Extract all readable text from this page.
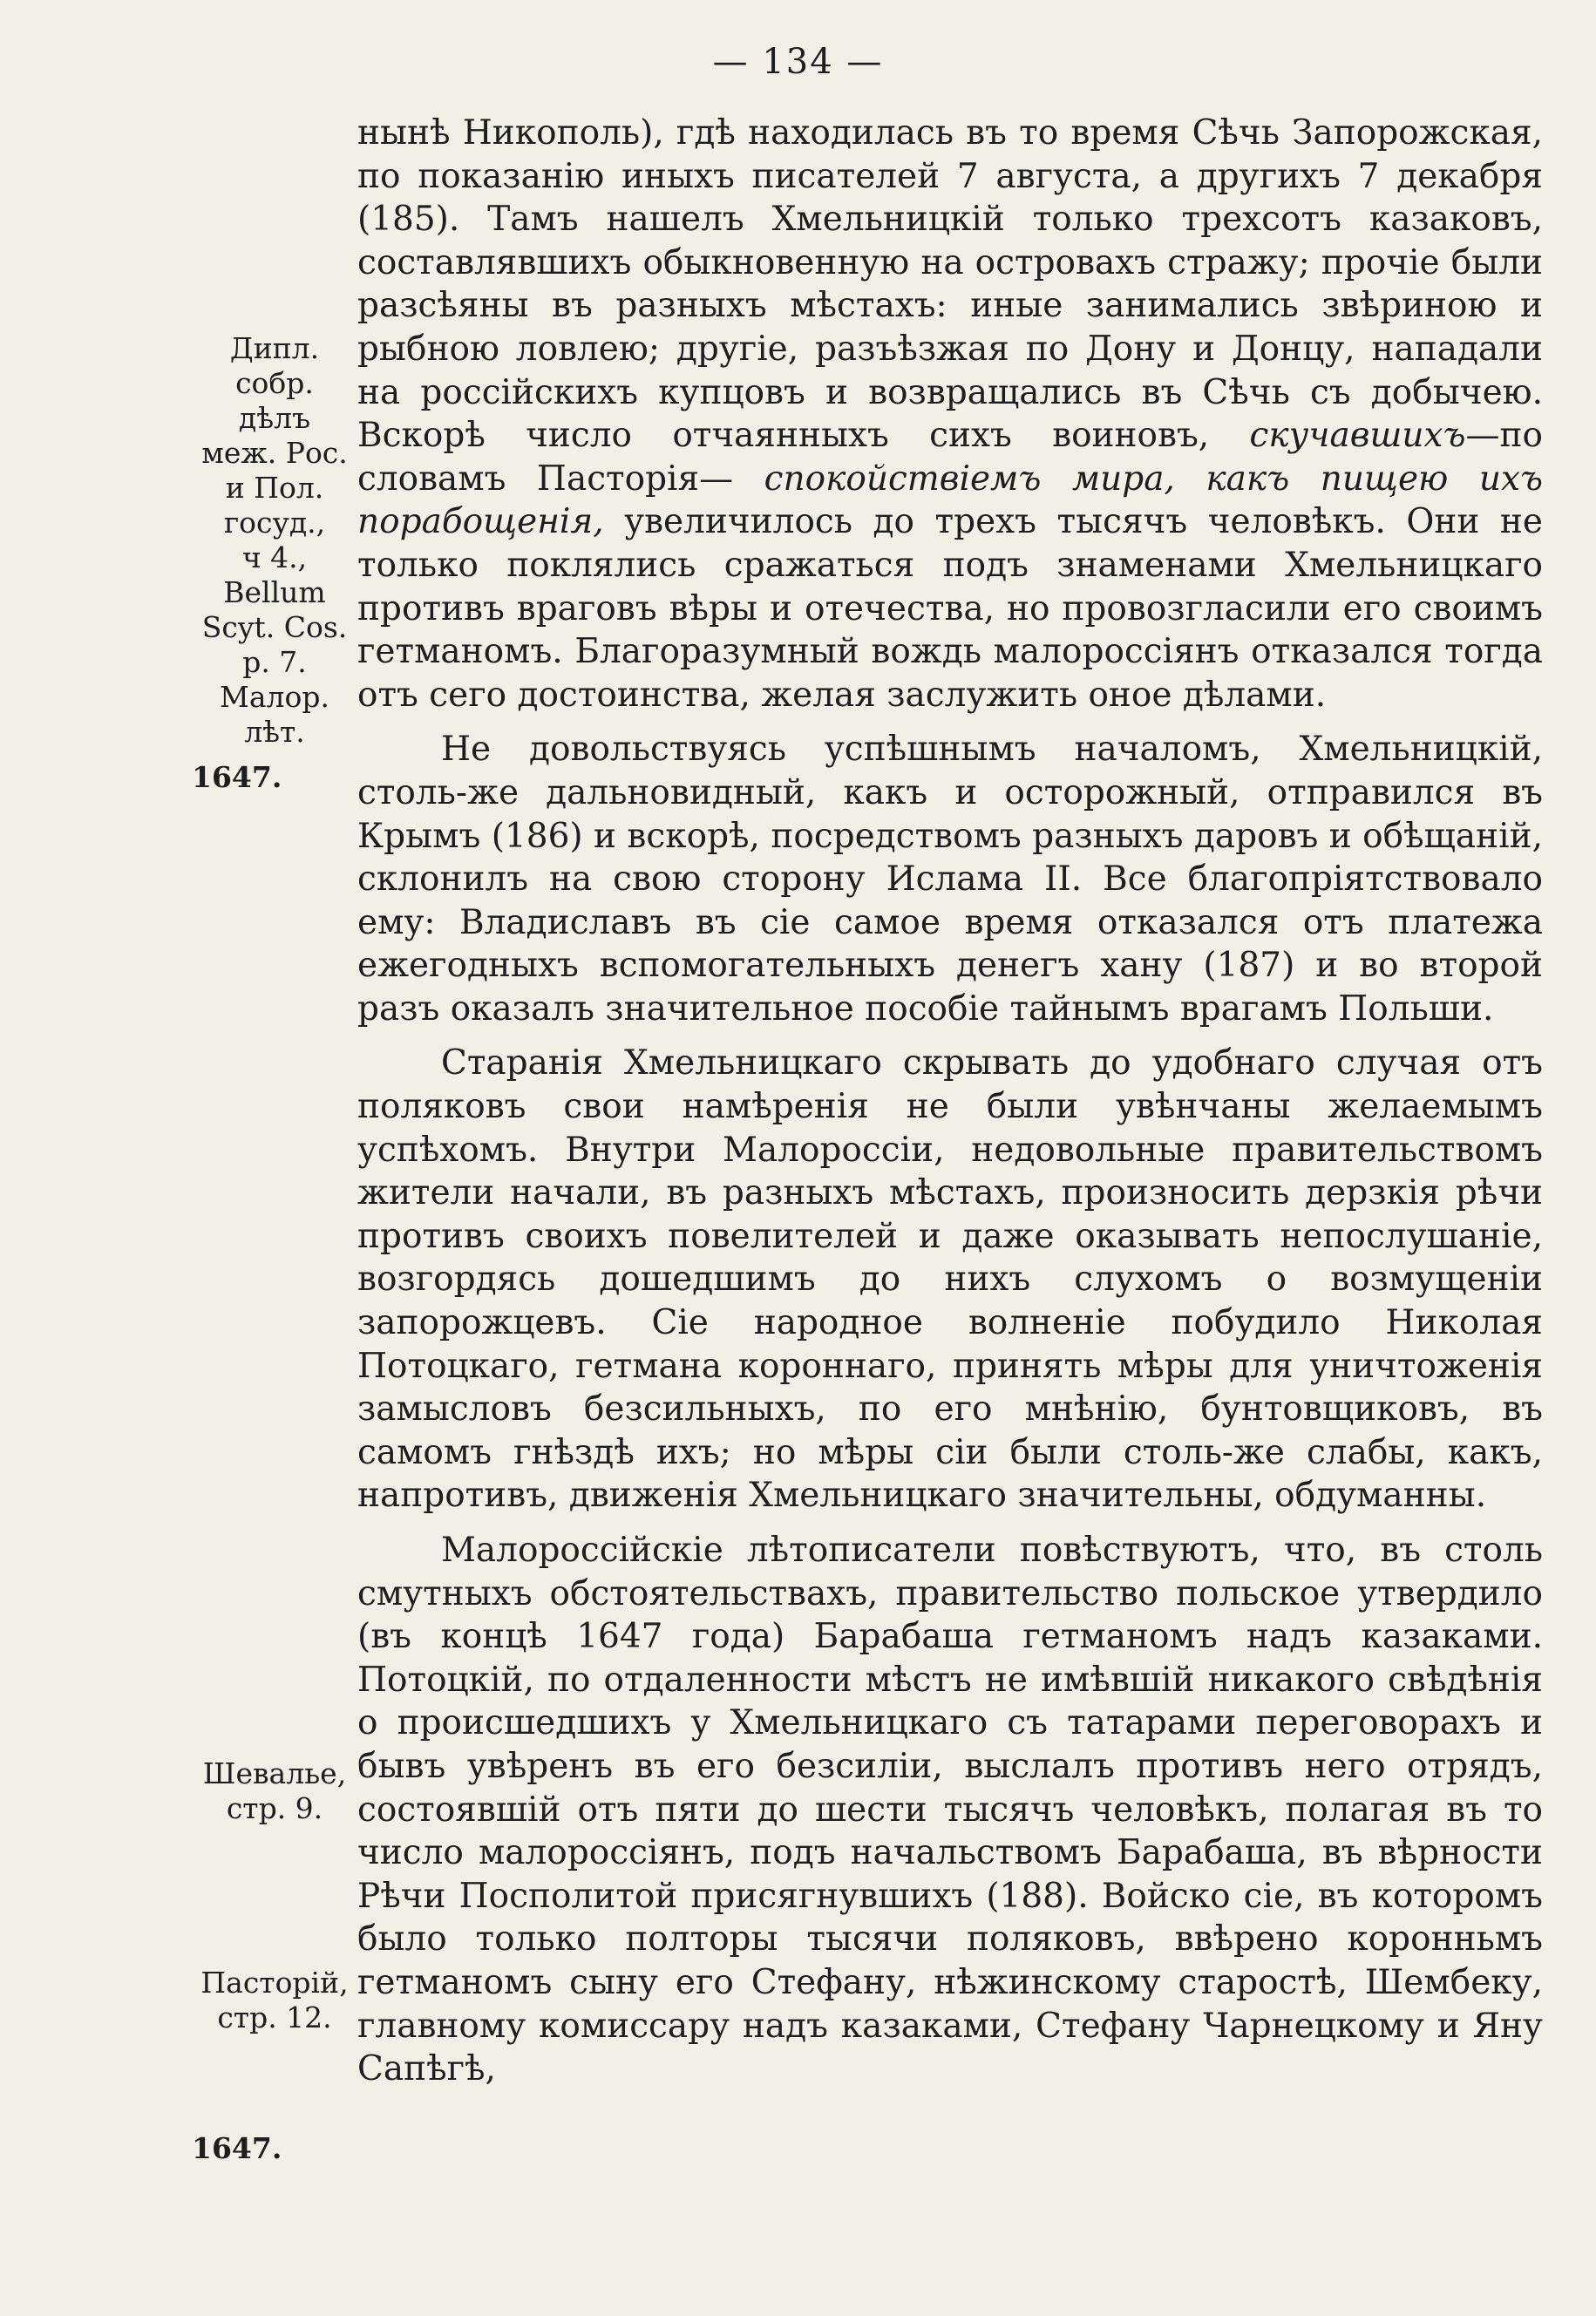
— 134 —
Дипл.
собр.
дѣлъ
меж. Рос.
и Пол.
госуд.,
ч 4.,
Bellum
Scyt. Cos.
p. 7.
Малор.
лѣт.
1647.
Шевалье,
стр. 9.
Пасторій,
стр. 12.
1647.

нынѣ Никополь), гдѣ находилась въ то время Сѣчь Запорожская, по показанію иныхъ писателей 7 августа, а другихъ 7 декабря (185). Тамъ нашелъ Хмельницкій только трехсотъ казаковъ, составлявшихъ обыкновенную на островахъ стражу; прочіе были разсѣяны въ разныхъ мѣстахъ: иные занимались звѣриною и рыбною ловлею; другіе, разъѣзжая по Дону и Донцу, нападали на россійскихъ купцовъ и возвращались въ Сѣчь съ добычею. Вскорѣ число отчаянныхъ сихъ воиновъ, скучавшихъ—по словамъ Пасторія— спокойствіемъ мира, какъ пищею ихъ порабощенія, увеличилось до трехъ тысячъ человѣкъ. Они не только поклялись сражаться подъ знаменами Хмельницкаго противъ враговъ вѣры и отечества, но провозгласили его своимъ гетманомъ. Благоразумный вождь малороссіянъ отказался тогда отъ сего достоинства, желая заслужить оное дѣлами.

Не довольствуясь успѣшнымъ началомъ, Хмельницкій, столь-же дальновидный, какъ и осторожный, отправился въ Крымъ (186) и вскорѣ, посредствомъ разныхъ даровъ и обѣщаній, склонилъ на свою сторону Ислама II. Все благопріятствовало ему: Владиславъ въ сіе самое время отказался отъ платежа ежегодныхъ вспомогательныхъ денегъ хану (187) и во второй разъ оказалъ значительное пособіе тайнымъ врагамъ Польши.

Старанія Хмельницкаго скрывать до удобнаго случая отъ поляковъ свои намѣренія не были увѣнчаны желаемымъ успѣхомъ. Внутри Малороссіи, недовольные правительствомъ жители начали, въ разныхъ мѣстахъ, произносить дерзкія рѣчи противъ своихъ повелителей и даже оказывать непослушаніе, возгордясь дошедшимъ до нихъ слухомъ о возмущеніи запорожцевъ. Сіе народное волненіе побудило Николая Потоцкаго, гетмана короннаго, принять мѣры для уничтоженія замысловъ безсильныхъ, по его мнѣнію, бунтовщиковъ, въ самомъ гнѣздѣ ихъ; но мѣры сіи были столь-же слабы, какъ, напротивъ, движенія Хмельницкаго значительны, обдуманны.

Малороссійскіе лѣтописатели повѣствуютъ, что, въ столь смутныхъ обстоятельствахъ, правительство польское утвердило (въ концѣ 1647 года) Барабаша гетманомъ надъ казаками. Потоцкій, по отдаленности мѣстъ не имѣвшій никакого свѣдѣнія о происшедшихъ у Хмельницкаго съ татарами переговорахъ и бывъ увѣренъ въ его безсиліи, выслалъ противъ него отрядъ, состоявшій отъ пяти до шести тысячъ человѣкъ, полагая въ то число малороссіянъ, подъ начальствомъ Барабаша, въ вѣрности Рѣчи Посполитой присягнувшихъ (188). Войско сіе, въ которомъ было только полторы тысячи поляковъ, ввѣрено коронньмъ гетманомъ сыну его Стефану, нѣжинскому старостѣ, Шембеку, главному комиссару надъ казаками, Стефану Чарнецкому и Яну Сапѣгѣ,
